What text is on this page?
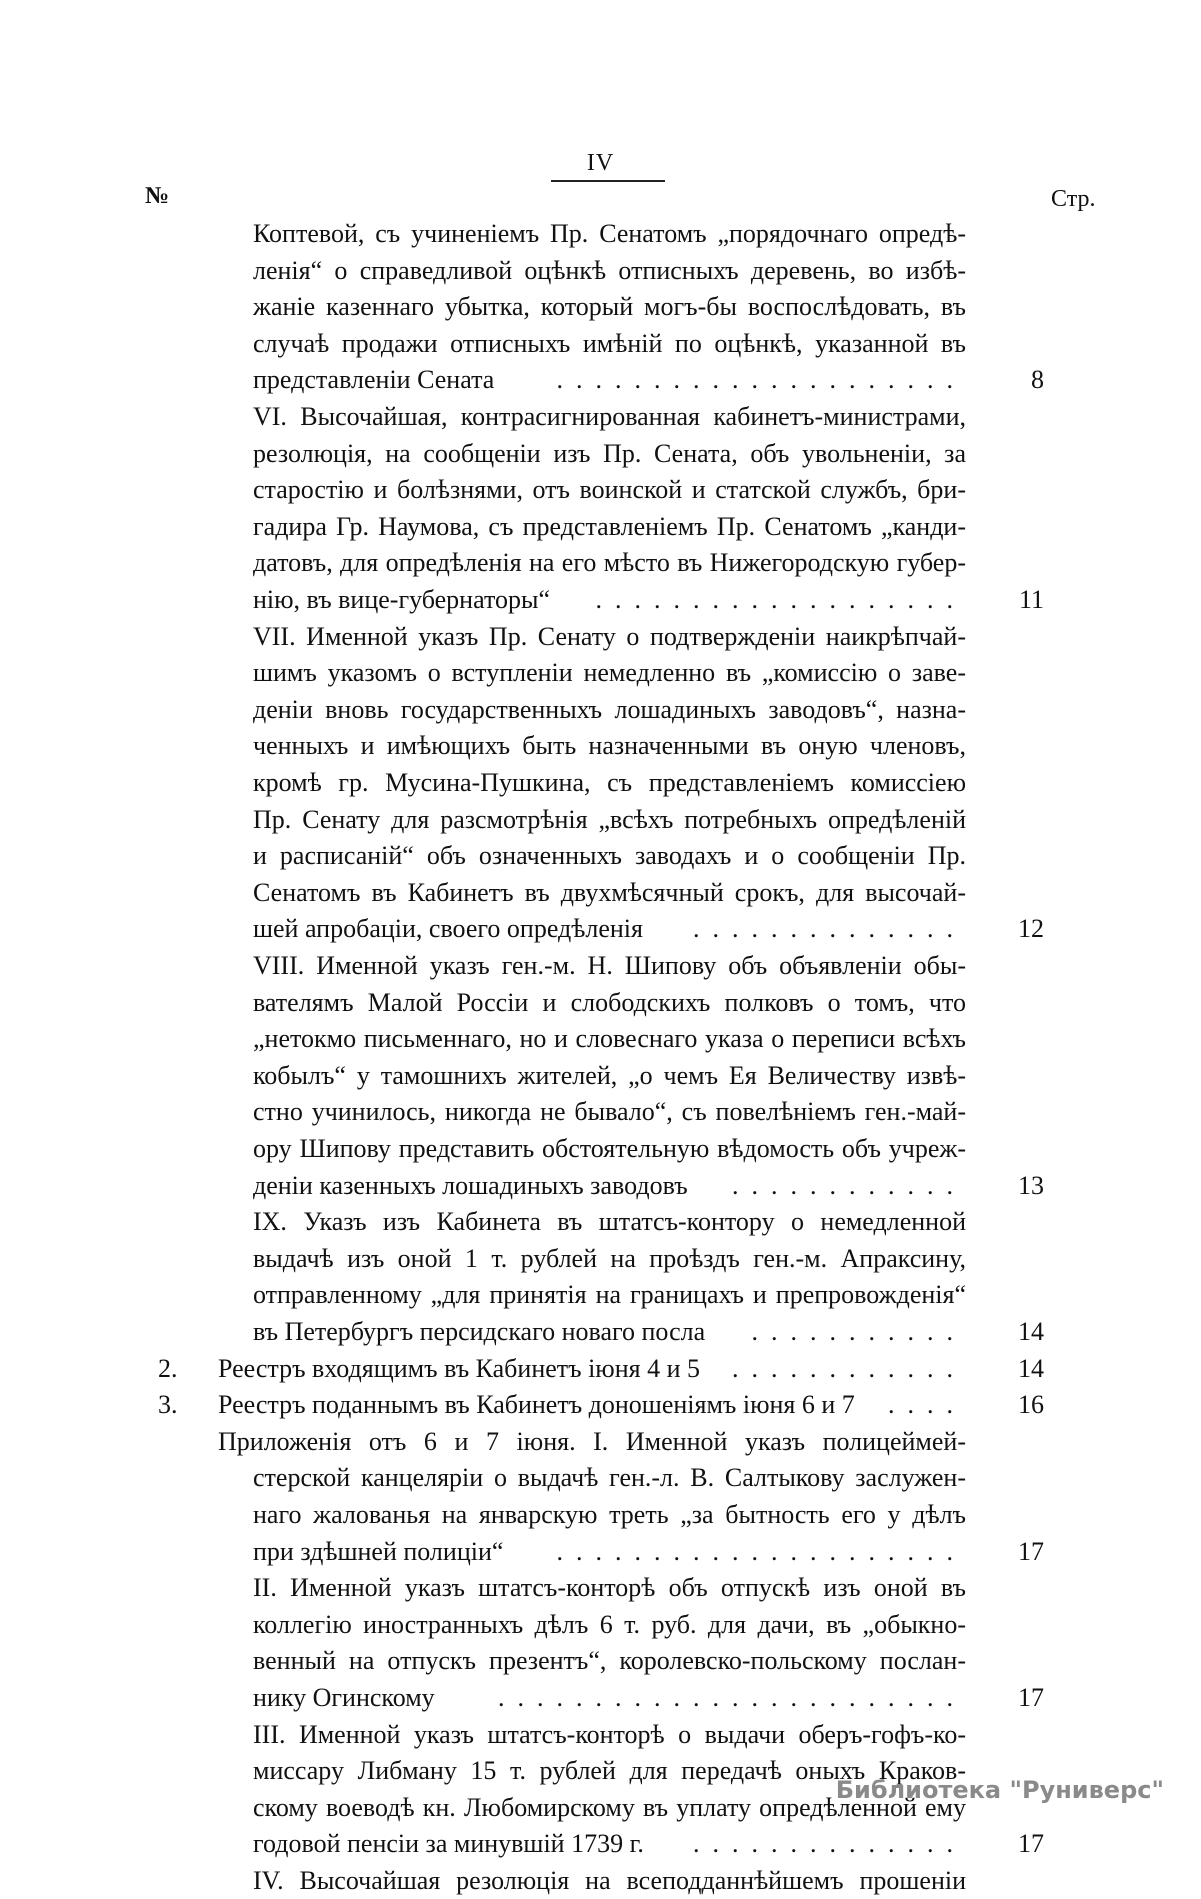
IV
№	Стр.
Коптевой, съ учиненіемъ Пр. Сенатомъ „порядочнаго опредѣ-
ленія“ о справедливой оцѣнкѣ отписныхъ деревень, во избѣ-
жаніе казеннаго убытка, который могъ-бы воспослѣдовать, въ
случаѣ продажи отписныхъ имѣній по оцѣнкѣ, указанной въ
представленіи Сената .....................	8
VI. Высочайшая, контрасигнированная кабинетъ-министрами,
резолюція, на сообщеніи изъ Пр. Сената, объ увольненіи, за
старостію и болѣзнями, отъ воинской и статской службъ, бри-
гадира Гр. Наумова, съ представленіемъ Пр. Сенатомъ „канди-
датовъ, для опредѣленія на его мѣсто въ Нижегородскую губер-
нію, въ вице-губернаторы“ ...................	11
VII. Именной указъ Пр. Сенату о подтвержденіи наикрѣпчай-
шимъ указомъ о вступленіи немедленно въ „комиссію о заве-
деніи вновь государственныхъ лошадиныхъ заводовъ“, назна-
ченныхъ и имѣющихъ быть назначенными въ оную членовъ,
кромѣ гр. Мусина-Пушкина, съ представленіемъ комиссіею
Пр. Сенату для разсмотрѣнія „всѣхъ потребныхъ опредѣленій
и расписаній“ объ означенныхъ заводахъ и о сообщеніи Пр.
Сенатомъ въ Кабинетъ въ двухмѣсячный срокъ, для высочай-
шей апробаціи, своего опредѣленія ..............	12
VIII. Именной указъ ген.-м. Н. Шипову объ объявленіи обы-
вателямъ Малой Россіи и слободскихъ полковъ о томъ, что
„нетокмо письменнаго, но и словеснаго указа о переписи всѣхъ
кобылъ“ у тамошнихъ жителей, „о чемъ Ея Величеству извѣ-
стно учинилось, никогда не бывало“, съ повелѣніемъ ген.-май-
ору Шипову представить обстоятельную вѣдомость объ учреж-
деніи казенныхъ лошадиныхъ заводовъ ............	13
IX. Указъ изъ Кабинета въ штатсъ-контору о немедленной
выдачѣ изъ оной 1 т. рублей на проѣздъ ген.-м. Апраксину,
отправленному „для принятія на границахъ и препровожденія“
въ Петербургъ персидскаго новаго посла ...........	14
2. Реестръ входящимъ въ Кабинетъ іюня 4 и 5 ............	14
3. Реестръ поданнымъ въ Кабинетъ доношеніямъ іюня 6 и 7 ....	16
Приложенія отъ 6 и 7 іюня. I. Именной указъ полицеймей-
стерской канцеляріи о выдачѣ ген.-л. В. Салтыкову заслужен-
наго жалованья на январскую треть „за бытность его у дѣлъ
при здѣшней полиціи“ .....................	17
II. Именной указъ штатсъ-конторѣ объ отпускѣ изъ оной въ
коллегію иностранныхъ дѣлъ 6 т. руб. для дачи, въ „обыкно-
венный на отпускъ презентъ“, королевско-польскому послан-
нику Огинскому ........................	17
III. Именной указъ штатсъ-конторѣ о выдачи оберъ-гофъ-ко-
миссару Либману 15 т. рублей для передачѣ оныхъ Краков-
скому воеводѣ кн. Любомирскому въ уплату опредѣленной ему
годовой пенсіи за минувшій 1739 г. ..............	17
IV. Высочайшая резолюція на всеподданнѣйшемъ прошеніи
Библиотека "Руниверс"
